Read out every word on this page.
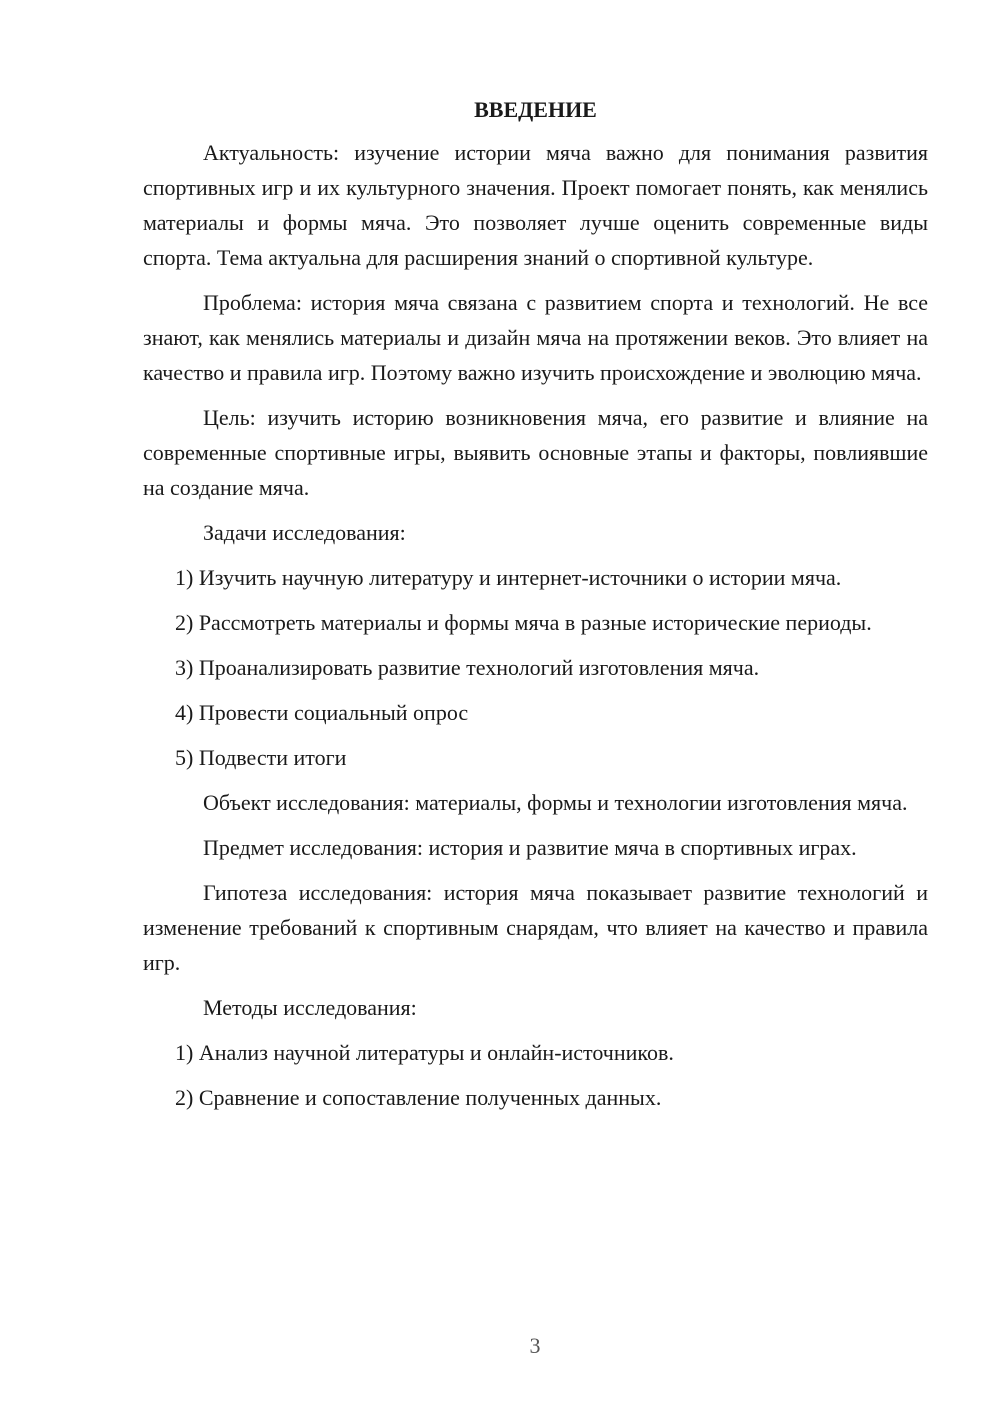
ВВЕДЕНИЕ

Актуальность: изучение истории мяча важно для понимания развития спортивных игр и их культурного значения. Проект помогает понять, как менялись материалы и формы мяча. Это позволяет лучше оценить современные виды спорта. Тема актуальна для расширения знаний о спортивной культуре.

Проблема: история мяча связана с развитием спорта и технологий. Не все знают, как менялись материалы и дизайн мяча на протяжении веков. Это влияет на качество и правила игр. Поэтому важно изучить происхождение и эволюцию мяча.

Цель: изучить историю возникновения мяча, его развитие и влияние на современные спортивные игры, выявить основные этапы и факторы, повлиявшие на создание мяча.

Задачи исследования:

1) Изучить научную литературу и интернет-источники о истории мяча.

2) Рассмотреть материалы и формы мяча в разные исторические периоды.

3) Проанализировать развитие технологий изготовления мяча.

4) Провести социальный опрос

5) Подвести итоги

Объект исследования: материалы, формы и технологии изготовления мяча.

Предмет исследования: история и развитие мяча в спортивных играх.

Гипотеза исследования: история мяча показывает развитие технологий и изменение требований к спортивным снарядам, что влияет на качество и правила игр.

Методы исследования:

1) Анализ научной литературы и онлайн-источников.

2) Сравнение и сопоставление полученных данных.

3
